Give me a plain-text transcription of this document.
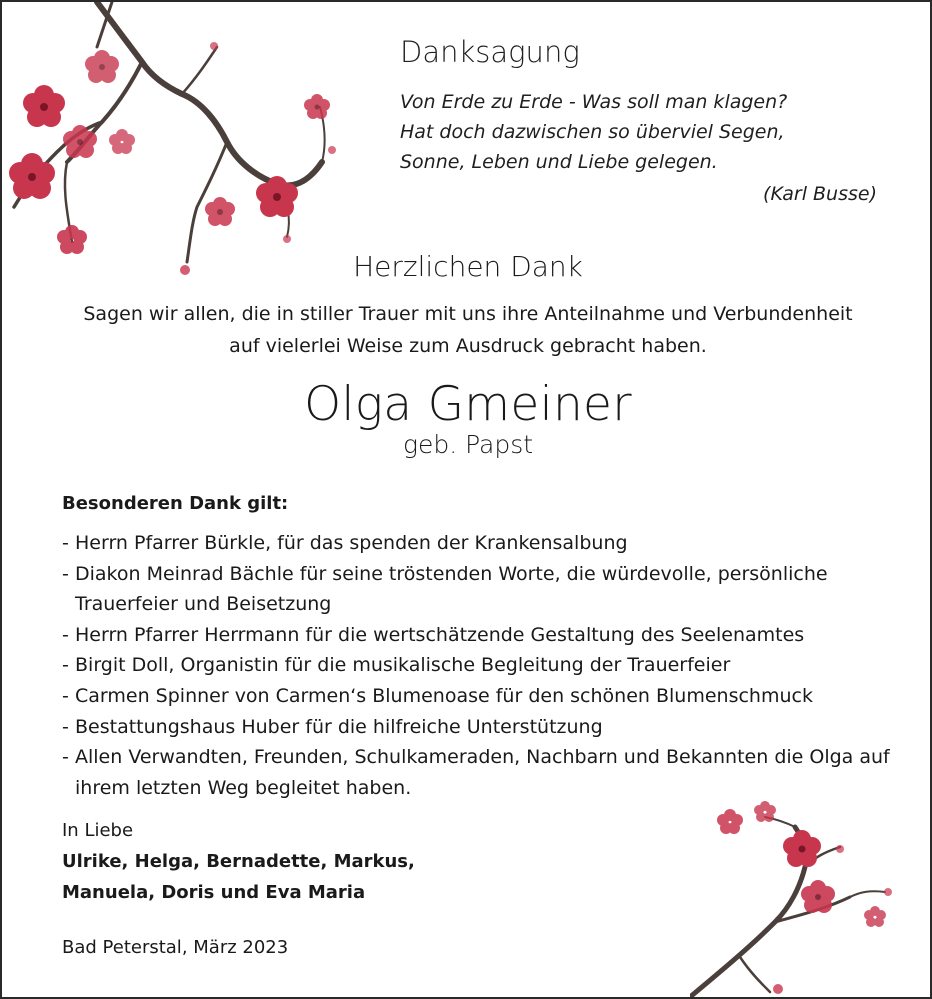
Danksagung
Von Erde zu Erde - Was soll man klagen?
Hat doch dazwischen so überviel Segen,
Sonne, Leben und Liebe gelegen.
(Karl Busse)
Herzlichen Dank
Sagen wir allen, die in stiller Trauer mit uns ihre Anteilnahme und Verbundenheit
auf vielerlei Weise zum Ausdruck gebracht haben.
Olga Gmeiner
geb. Papst
Besonderen Dank gilt:
- Herrn Pfarrer Bürkle, für das spenden der Krankensalbung
- Diakon Meinrad Bächle für seine tröstenden Worte, die würdevolle, persönliche Trauerfeier und Beisetzung
- Herrn Pfarrer Herrmann für die wertschätzende Gestaltung des Seelenamtes
- Birgit Doll, Organistin für die musikalische Begleitung der Trauerfeier
- Carmen Spinner von Carmen‘s Blumenoase für den schönen Blumenschmuck
- Bestattungshaus Huber für die hilfreiche Unterstützung
- Allen Verwandten, Freunden, Schulkameraden, Nachbarn und Bekannten die Olga auf ihrem letzten Weg begleitet haben.
In Liebe
Ulrike, Helga, Bernadette, Markus,
Manuela, Doris und Eva Maria
Bad Peterstal, März 2023
